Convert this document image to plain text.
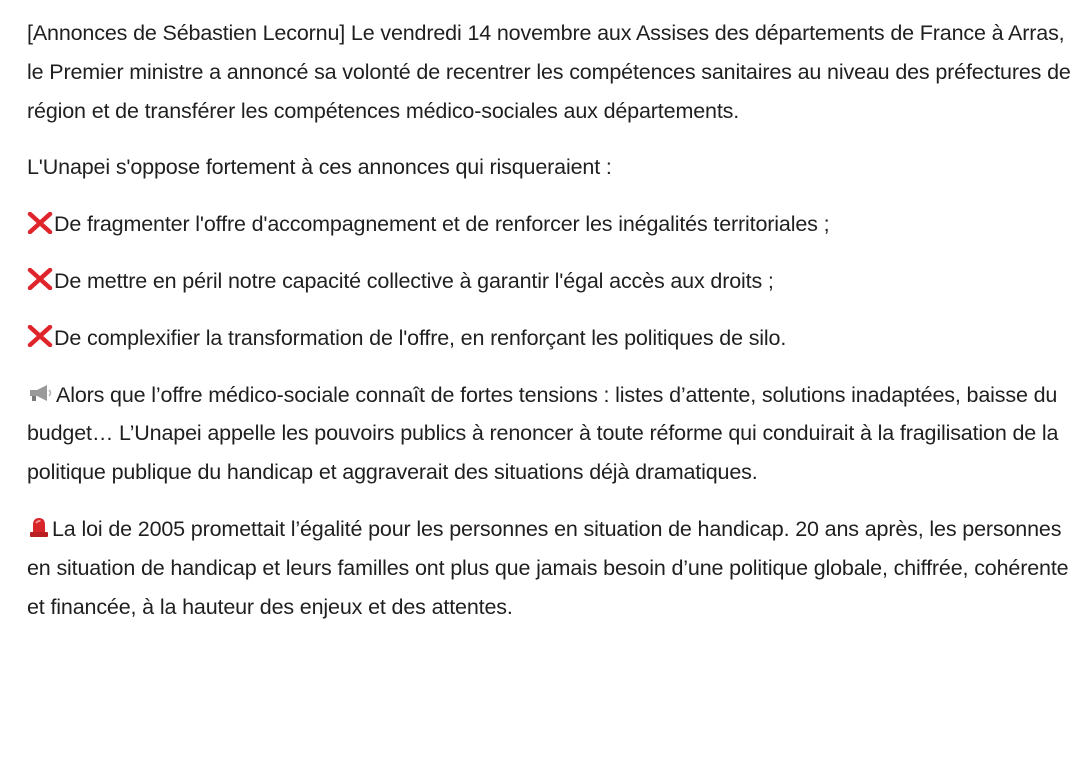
[Annonces de Sébastien Lecornu] Le vendredi 14 novembre aux Assises des départements de France à Arras, le Premier ministre a annoncé sa volonté de recentrer les compétences sanitaires au niveau des préfectures de région et de transférer les compétences médico-sociales aux départements.

L'Unapei s'oppose fortement à ces annonces qui risqueraient :

De fragmenter l'offre d'accompagnement et de renforcer les inégalités territoriales ;

De mettre en péril notre capacité collective à garantir l'égal accès aux droits ;

De complexifier la transformation de l'offre, en renforçant les politiques de silo.

Alors que l’offre médico-sociale connaît de fortes tensions : listes d’attente, solutions inadaptées, baisse du budget… L’Unapei appelle les pouvoirs publics à renoncer à toute réforme qui conduirait à la fragilisation de la politique publique du handicap et aggraverait des situations déjà dramatiques.

La loi de 2005 promettait l’égalité pour les personnes en situation de handicap. 20 ans après, les personnes en situation de handicap et leurs familles ont plus que jamais besoin d’une politique globale, chiffrée, cohérente et financée, à la hauteur des enjeux et des attentes.
